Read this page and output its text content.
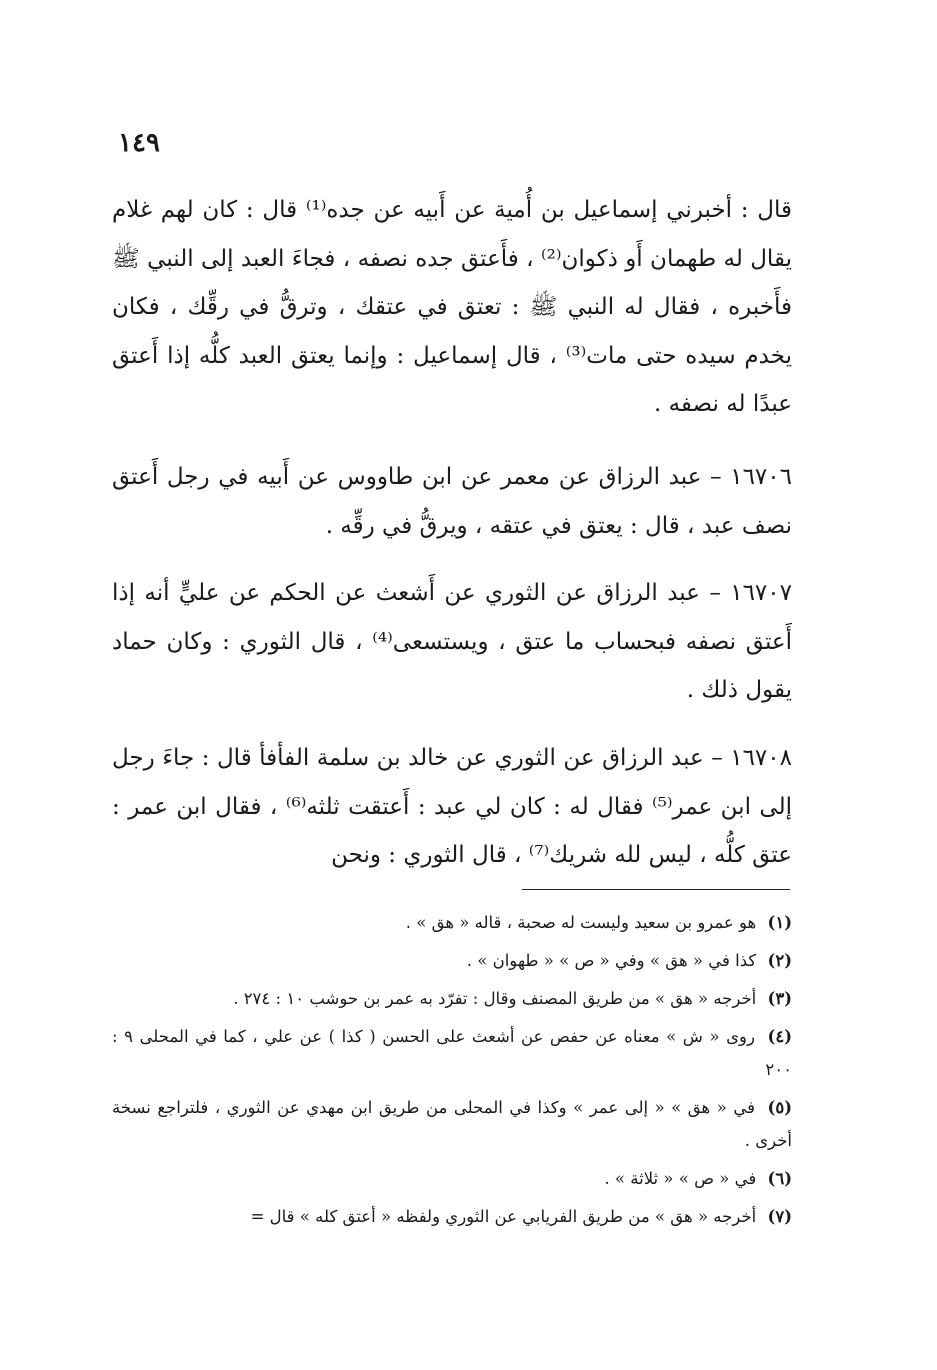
١٤٩

قال : أخبرني إسماعيل بن أُمية عن أَبيه عن جده⁽¹⁾ قال : كان لهم غلام يقال له طهمان أَو ذكوان⁽²⁾ ، فأَعتق جده نصفه ، فجاءَ العبد إلى النبي ﷺ فأَخبره ، فقال له النبي ﷺ : تعتق في عتقك ، وترقُّ في رقِّك ، فكان يخدم سيده حتى مات⁽³⁾ ، قال إسماعيل : وإنما يعتق العبد كلُّه إذا أَعتق عبدًا له نصفه .

١٦٧٠٦ – عبد الرزاق عن معمر عن ابن طاووس عن أَبيه في رجل أَعتق نصف عبد ، قال : يعتق في عتقه ، ويرقُّ في رقِّه .

١٦٧٠٧ – عبد الرزاق عن الثوري عن أَشعث عن الحكم عن عليٍّ أنه إذا أَعتق نصفه فبحساب ما عتق ، ويستسعى⁽⁴⁾ ، قال الثوري : وكان حماد يقول ذلك .

١٦٧٠٨ – عبد الرزاق عن الثوري عن خالد بن سلمة الفأفأ قال : جاءَ رجل إلى ابن عمر⁽⁵⁾ فقال له : كان لي عبد : أَعتقت ثلثه⁽⁶⁾ ، فقال ابن عمر : عتق كلُّه ، ليس لله شريك⁽⁷⁾ ، قال الثوري : ونحن

(١) هو عمرو بن سعيد وليست له صحبة ، قاله « هق » .
(٢) كذا في « هق » وفي « ص » « طهوان » .
(٣) أخرجه « هق » من طريق المصنف وقال : تفرّد به عمر بن حوشب ١٠ : ٢٧٤ .
(٤) روى « ش » معناه عن حفص عن أشعث على الحسن ( كذا ) عن علي ، كما في المحلى ٩ : ٢٠٠
(٥) في « هق » « إلى عمر » وكذا في المحلى من طريق ابن مهدي عن الثوري ، فلتراجع نسخة أخرى .
(٦) في « ص » « ثلاثة » .
(٧) أخرجه « هق » من طريق الفريابي عن الثوري ولفظه « أعتق كله » قال =
